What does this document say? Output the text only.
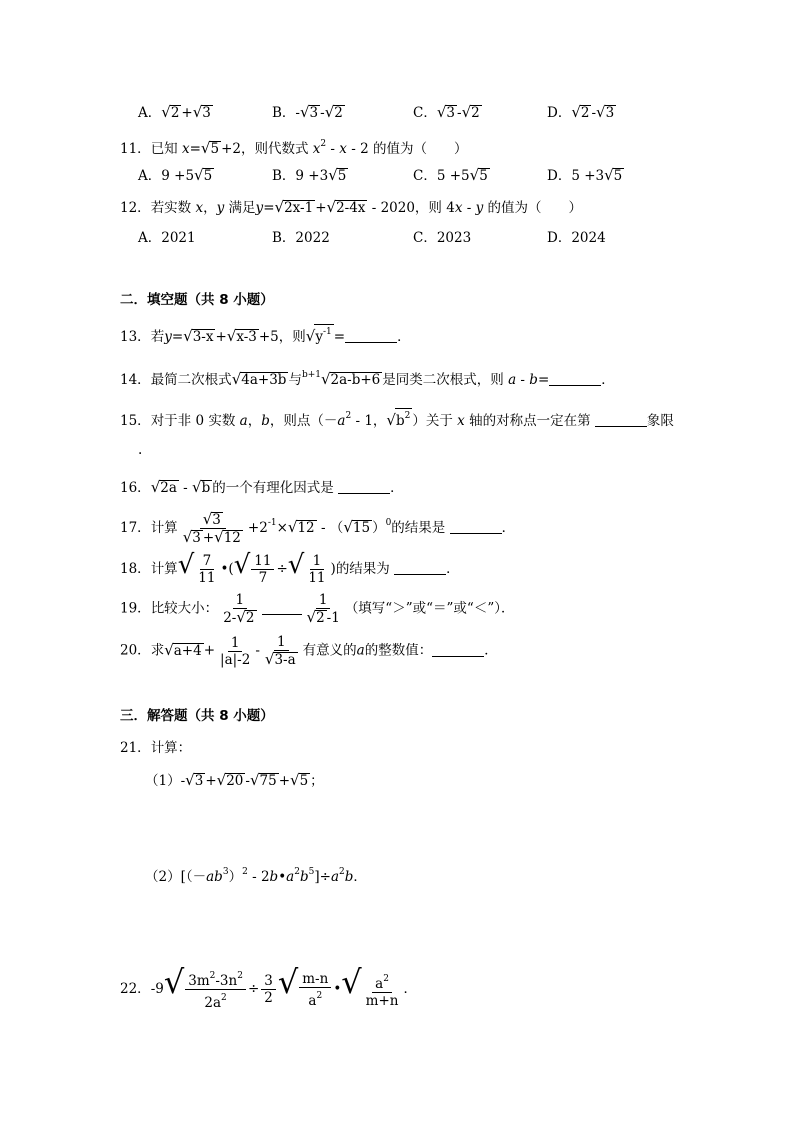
A．√2 +√3	B．-√3 -√2	C．√3 -√2	D．√2 -√3
11．已知 x=√5 +2，则代数式 $x^2$ - x - 2 的值为（　　）
A．9 +5√5	B．9 +3√5	C．5 +5√5	D．5 +3√5
12．若实数 x，y 满足y=√2x-1 +√2-4x - 2020，则 4x - y 的值为（　　）
A．2021	B．2022	C．2023	D．2024
二．填空题（共 8 小题）
13．若y=√3-x +√x-3 +5，则$√y^{-1}$ =	．
14．最简二次根式√4a+3b 与$^{b+1}$√2a-b+6 是同类二次根式，则 a - b=	．
15．对于非 0 实数 a，b，则点（$-a^2 - 1$，$√b^2$ ）关于 x 轴的对称点一定在第	象限
.
16．√2a - √b 的一个有理化因式是	．
17．计算 $\frac{√3}{√3 +√12} +2^{-1}\times√12 - (√15$ ）$^0$的结果是	．
18．计算√ $\frac{7}{11}$ •(√ $\frac{11}{7}$ ÷√ $\frac{1}{11}$ )的结果为	．
19．比较大小： $\frac{1}{2-√2}$	$\frac{1}{√2 -1}$ （填写“＞”或“＝”或“＜”）．
20．求$√a+4 + \frac{1}{|a|-2} - \frac{1}{√3-a}$ 有意义的a的整数值：	．
三．解答题（共 8 小题）
21．计算：
（1）-√3 +√20 -√75 +√5 ；
$(2)[(-ab^3)^2$ - $2b•a^2b^5]\div a^2b$．
22．$-9√ \frac{3m^2-3n^2}{2a^2} \div \frac{3}{2}$ √ $\frac{m-n}{a^2}$ •√ $\frac{a^2}{m+n}$ ．
